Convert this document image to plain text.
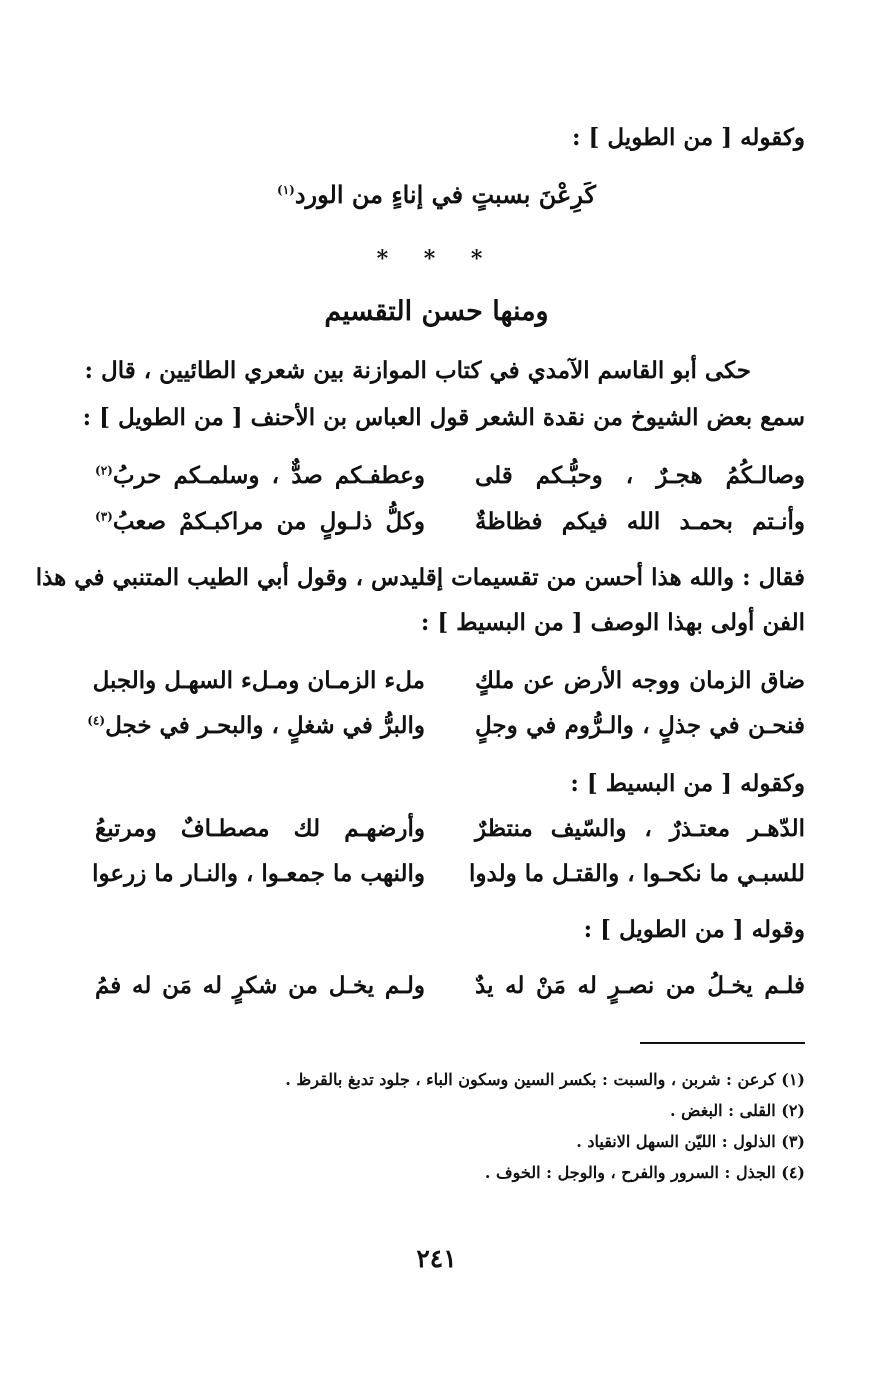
وكقوله [ من الطويل ] :
كَرِعْنَ بسبتٍ في إناءٍ من الورد$^{(١)}$
* * *
ومنها حسن التقسيم
حكى أبو القاسم الآمدي في كتاب الموازنة بين شعري الطائيين ، قال :
سمع بعض الشيوخ من نقدة الشعر قول العباس بن الأحنف [ من الطويل ] :
وصالـكُمُ هجـرٌ ، وحبُّـكم قلى
وعطفـكم صدٌّ ، وسلمـكم حربُ$^{(٢)}$
وأنـتم بحمـد الله فيكم فظاظةٌ
وكلُّ ذلـولٍ من مراكبـكمْ صعبُ$^{(٣)}$
فقال : والله هذا أحسن من تقسيمات إقليدس ، وقول أبي الطيب المتنبي في هذا
الفن أولى بهذا الوصف [ من البسيط ] :
ضاق الزمان ووجه الأرض عن ملكٍ
ملء الزمـان ومـلء السهـل والجبل
فنحـن في جذلٍ ، والـرُّوم في وجلٍ
والبرُّ في شغلٍ ، والبحـر في خجل$^{(٤)}$
وكقوله [ من البسيط ] :
الدّهـر معتـذرٌ ، والسّيف منتظرٌ
وأرضهـم لك مصطـافٌ ومرتبعُ
للسبـي ما نكحـوا ، والقتـل ما ولدوا
والنهب ما جمعـوا ، والنـار ما زرعوا
وقوله [ من الطويل ] :
فلـم يخـلُ من نصـرٍ له مَنْ له يدٌ
ولـم يخـل من شكرٍ له مَن له فمُ
(١) كرعن : شربن ، والسبت : بكسر السين وسكون الباء ، جلود تدبغ بالقرظ .
(٢) القلى : البغض .
(٣) الذلول : الليّن السهل الانقياد .
(٤) الجذل : السرور والفرح ، والوجل : الخوف .
٢٤١
